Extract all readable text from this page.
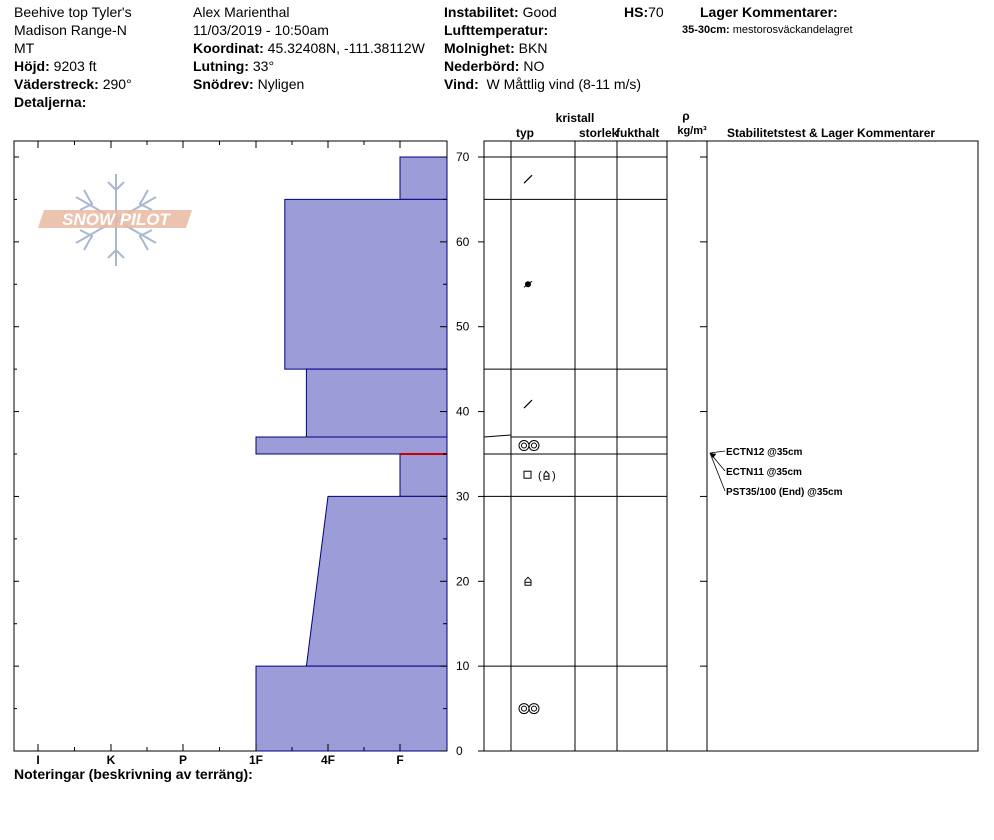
Beehive top Tyler's
Madison Range-N
MT
Höjd: 9203 ft
Väderstreck: 290°
Detaljerna:
Alex Marienthal
11/03/2019 - 10:50am
Koordinat: 45.32408N, -111.38112W
Lutning: 33°
Snödrev: Nyligen
Instabilitet: Good
Lufttemperatur:
Molnighet: BKN
Nederbörd: NO
Vind: W Måttlig vind (8-11 m/s)
HS:70	Lager Kommentarer:
35-30cm: mestorosväckandelagret
SNOW PILOT
0
10
20
30
40
50
60
70
I	K	P	1F	4F	F
( )
ECTN12 @35cm
ECTN11 @35cm
PST35/100 (End) @35cm
kristall
typ	storlek
fukthalt
ρ
kg/m³ Stabilitetstest & Lager Kommentarer
Noteringar (beskrivning av terräng):
